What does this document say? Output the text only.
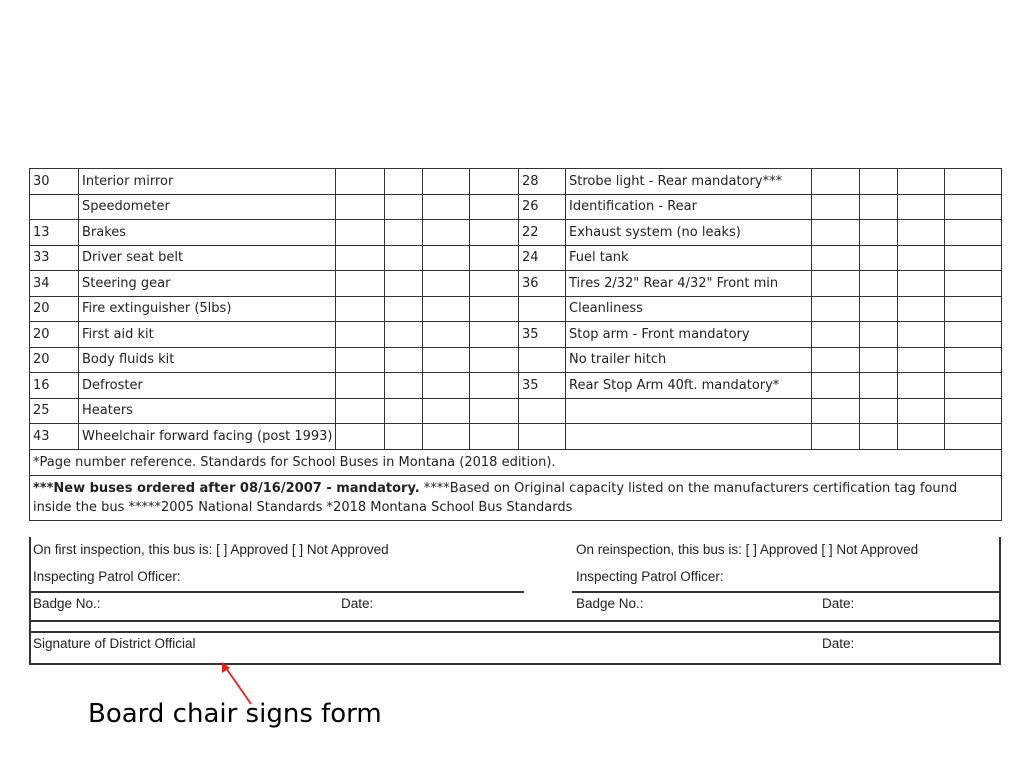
30	Interior mirror					28	Strobe light - Rear mandatory***				
	Speedometer					26	Identification - Rear				
13	Brakes					22	Exhaust system (no leaks)				
33	Driver seat belt					24	Fuel tank				
34	Steering gear					36	Tires 2/32" Rear 4/32" Front min				
20	Fire extinguisher (5lbs)						Cleanliness				
20	First aid kit					35	Stop arm - Front mandatory				
20	Body fluids kit						No trailer hitch				
16	Defroster					35	Rear Stop Arm 40ft. mandatory*				
25	Heaters										
43	Wheelchair forward facing (post 1993)										
*Page number reference. Standards for School Buses in Montana (2018 edition).											
***New buses ordered after 08/16/2007 - mandatory. ****Based on Original capacity listed on the manufacturers certification tag found inside the bus *****2005 National Standards *2018 Montana School Bus Standards											
On first inspection, this bus is: [ ] Approved [ ] Not Approved
Inspecting Patrol Officer:
Badge No.:	Date:
On reinspection, this bus is: [ ] Approved [ ] Not Approved
Inspecting Patrol Officer:
Badge No.:	Date:
Signature of District Official	Date:
Board chair signs form
